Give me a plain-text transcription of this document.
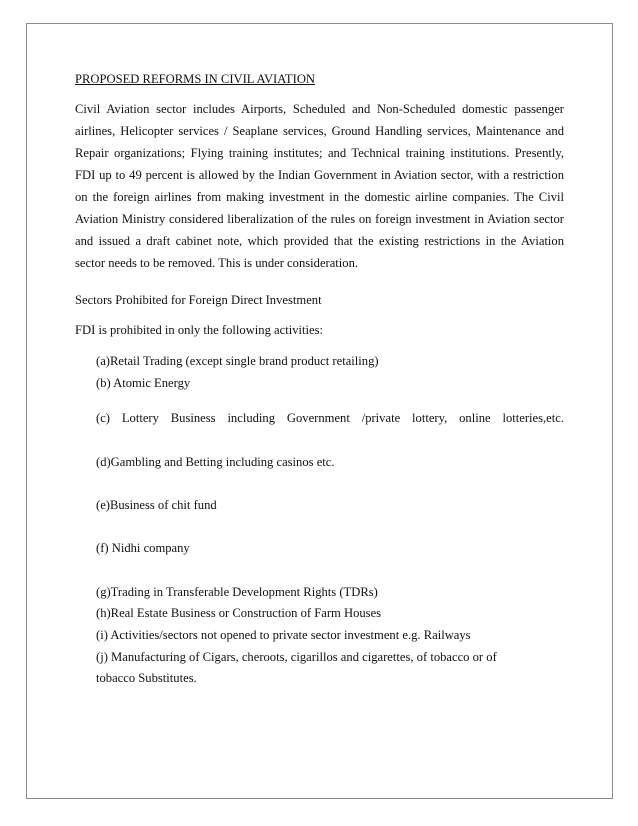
PROPOSED REFORMS IN CIVIL AVIATION

Civil Aviation sector includes Airports, Scheduled and Non-Scheduled domestic passenger airlines, Helicopter services / Seaplane services, Ground Handling services, Maintenance and Repair organizations; Flying training institutes; and Technical training institutions. Presently, FDI up to 49 percent is allowed by the Indian Government in Aviation sector, with a restriction on the foreign airlines from making investment in the domestic airline companies. The Civil Aviation Ministry considered liberalization of the rules on foreign investment in Aviation sector and issued a draft cabinet note, which provided that the existing restrictions in the Aviation sector needs to be removed. This is under consideration.

Sectors Prohibited for Foreign Direct Investment

FDI is prohibited in only the following activities:

(a)Retail Trading (except single brand product retailing)

(b) Atomic Energy

(c) Lottery Business including Government /private lottery, online lotteries,etc.

(d)Gambling and Betting including casinos etc.

(e)Business of chit fund

(f) Nidhi company

(g)Trading in Transferable Development Rights (TDRs)

(h)Real Estate Business or Construction of Farm Houses

(i) Activities/sectors not opened to private sector investment e.g. Railways

(j) Manufacturing of Cigars, cheroots, cigarillos and cigarettes, of tobacco or of tobacco Substitutes.
